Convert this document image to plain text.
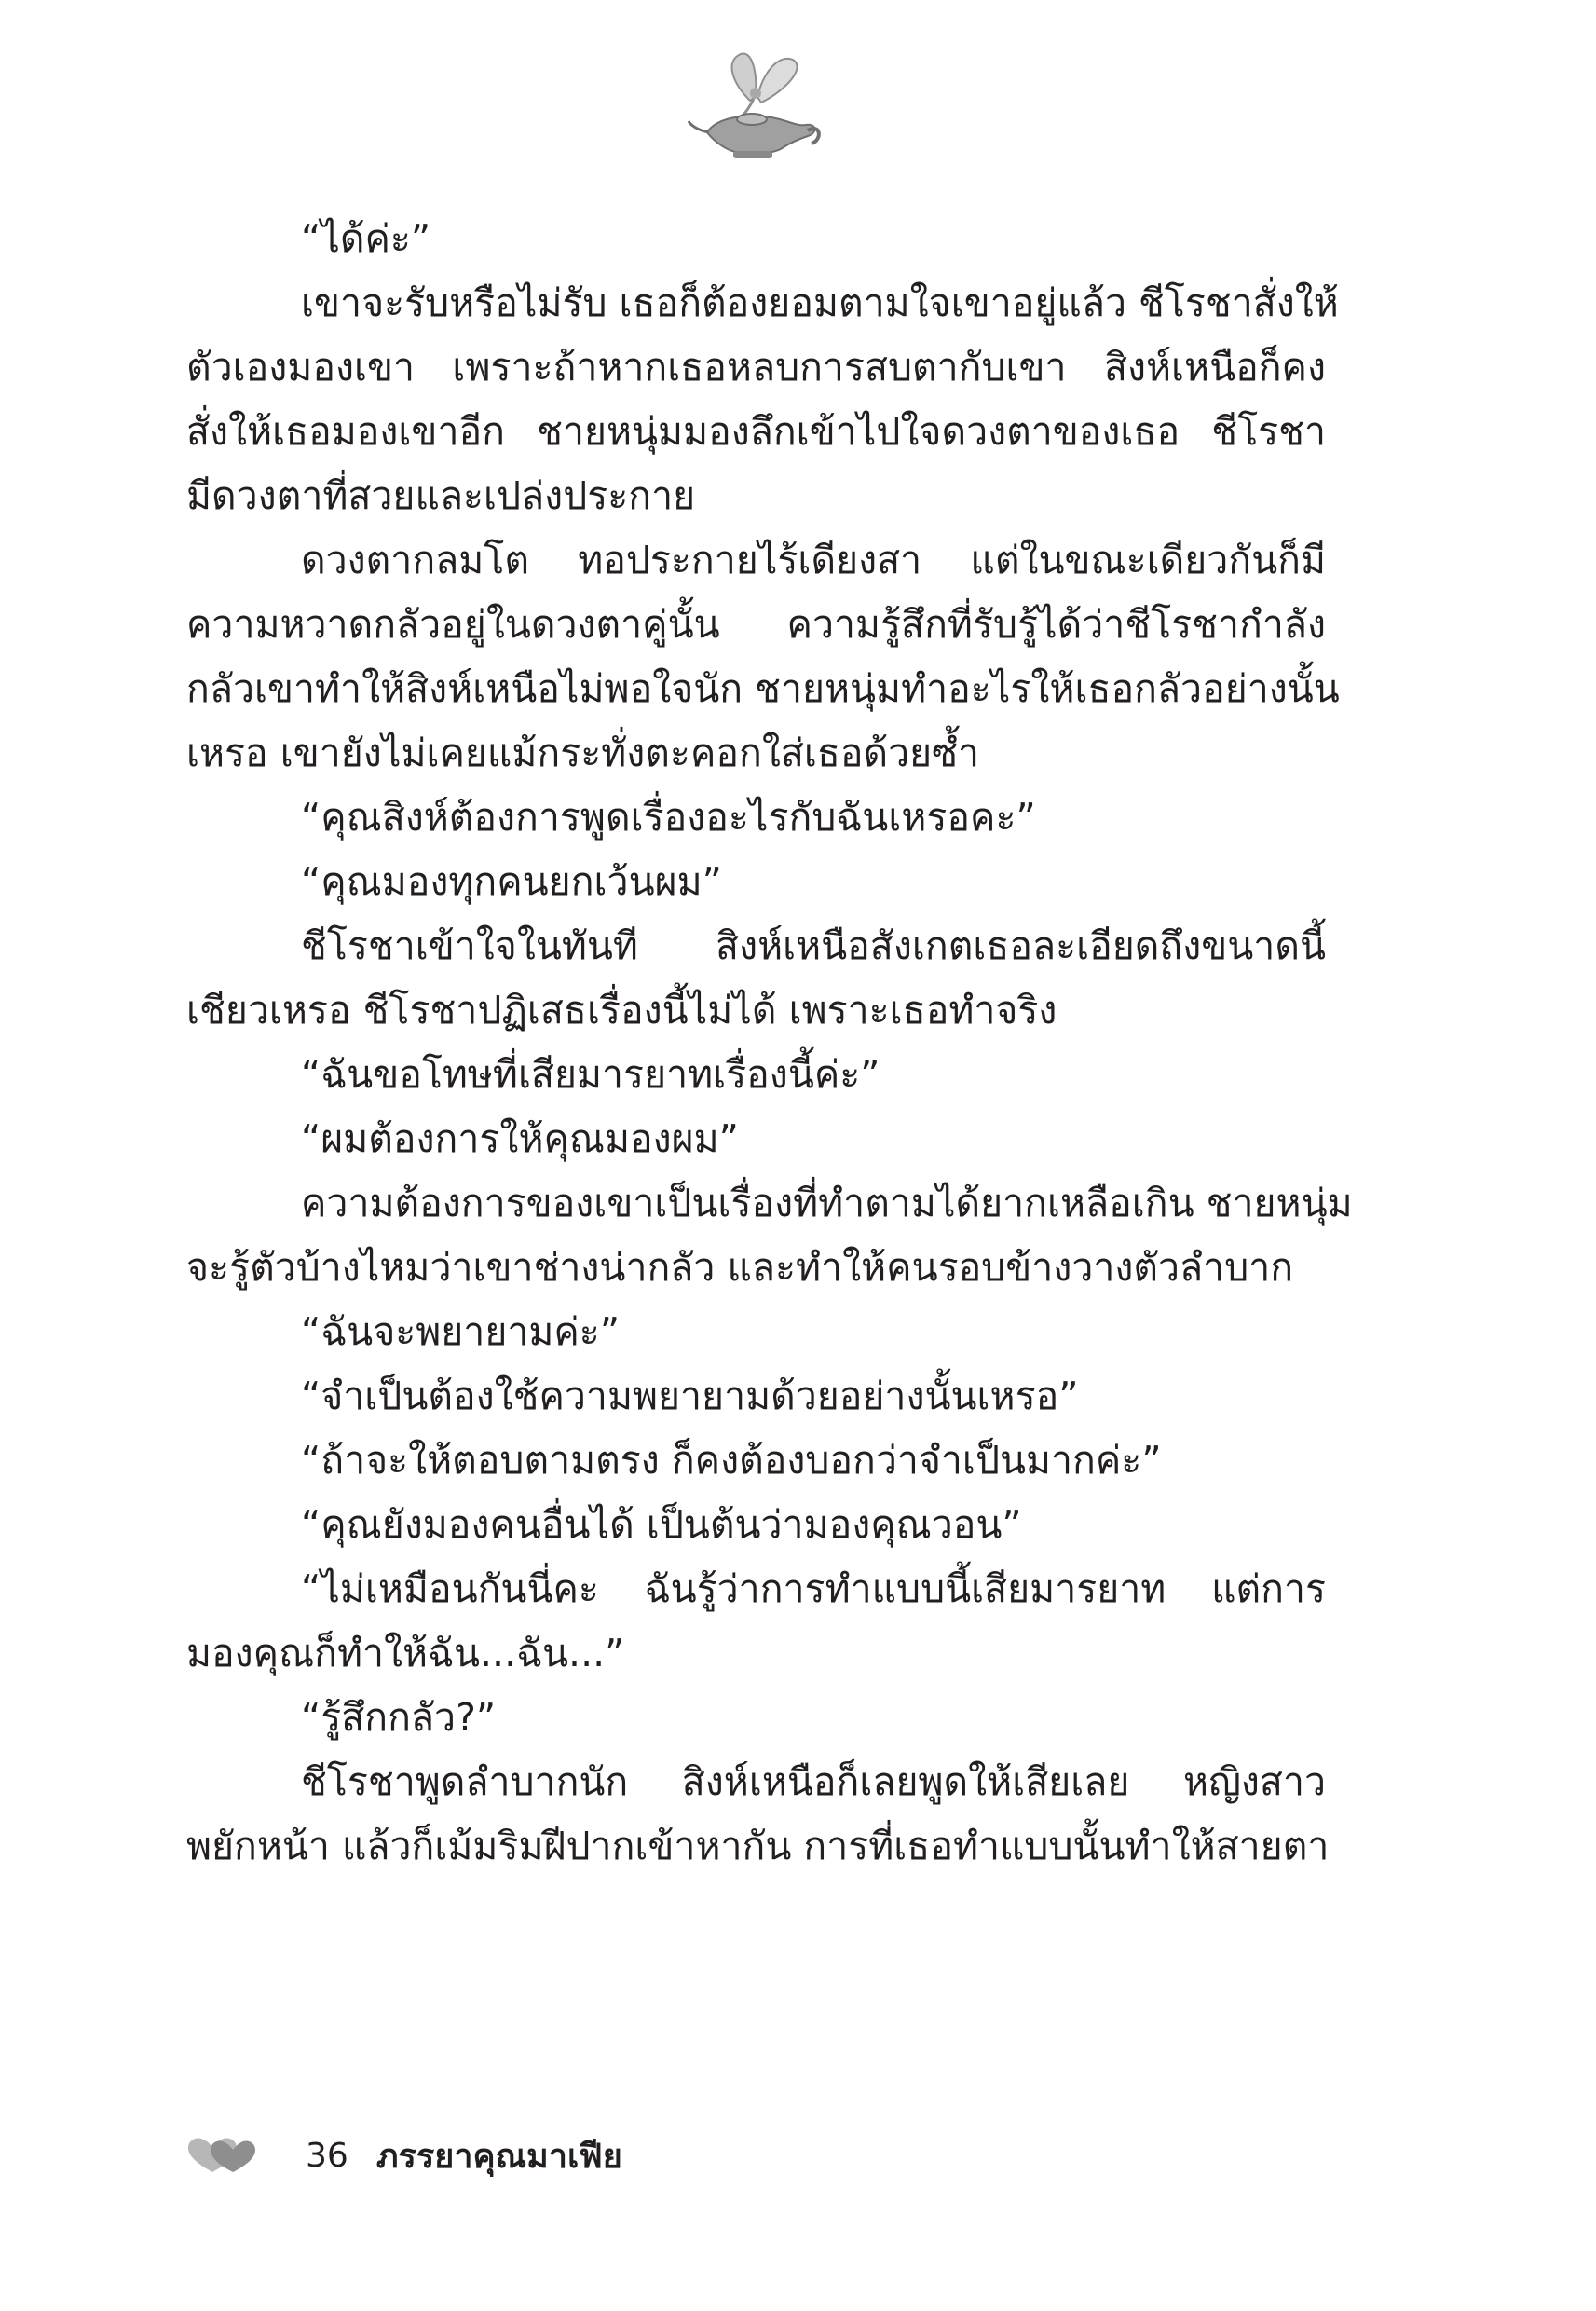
“ได้ค่ะ”
เขาจะรับหรือไม่รับ เธอก็ต้องยอมตามใจเขาอยู่แล้ว ชีโรชาสั่งให้
ตัวเองมองเขา เพราะถ้าหากเธอหลบการสบตากับเขา สิงห์เหนือก็คง
สั่งให้เธอมองเขาอีก ชายหนุ่มมองลึกเข้าไปใจดวงตาของเธอ ชีโรชา
มีดวงตาที่สวยและเปล่งประกาย
ดวงตากลมโต ทอประกายไร้เดียงสา แต่ในขณะเดียวกันก็มี
ความหวาดกลัวอยู่ในดวงตาคู่นั้น ความรู้สึกที่รับรู้ได้ว่าชีโรชากำลัง
กลัวเขาทำให้สิงห์เหนือไม่พอใจนัก ชายหนุ่มทำอะไรให้เธอกลัวอย่างนั้น
เหรอ เขายังไม่เคยแม้กระทั่งตะคอกใส่เธอด้วยซ้ำ
“คุณสิงห์ต้องการพูดเรื่องอะไรกับฉันเหรอคะ”
“คุณมองทุกคนยกเว้นผม”
ชีโรชาเข้าใจในทันที สิงห์เหนือสังเกตเธอละเอียดถึงขนาดนี้
เชียวเหรอ ชีโรชาปฏิเสธเรื่องนี้ไม่ได้ เพราะเธอทำจริง
“ฉันขอโทษที่เสียมารยาทเรื่องนี้ค่ะ”
“ผมต้องการให้คุณมองผม”
ความต้องการของเขาเป็นเรื่องที่ทำตามได้ยากเหลือเกิน ชายหนุ่ม
จะรู้ตัวบ้างไหมว่าเขาช่างน่ากลัว และทำให้คนรอบข้างวางตัวลำบาก
“ฉันจะพยายามค่ะ”
“จำเป็นต้องใช้ความพยายามด้วยอย่างนั้นเหรอ”
“ถ้าจะให้ตอบตามตรง ก็คงต้องบอกว่าจำเป็นมากค่ะ”
“คุณยังมองคนอื่นได้ เป็นต้นว่ามองคุณวอน”
“ไม่เหมือนกันนี่คะ ฉันรู้ว่าการทำแบบนี้เสียมารยาท แต่การ
มองคุณก็ทำให้ฉัน...ฉัน...”
“รู้สึกกลัว?”
ชีโรชาพูดลำบากนัก สิงห์เหนือก็เลยพูดให้เสียเลย หญิงสาว
พยักหน้า แล้วก็เม้มริมฝีปากเข้าหากัน การที่เธอทำแบบนั้นทำให้สายตา
36 ภรรยาคุณมาเฟีย
